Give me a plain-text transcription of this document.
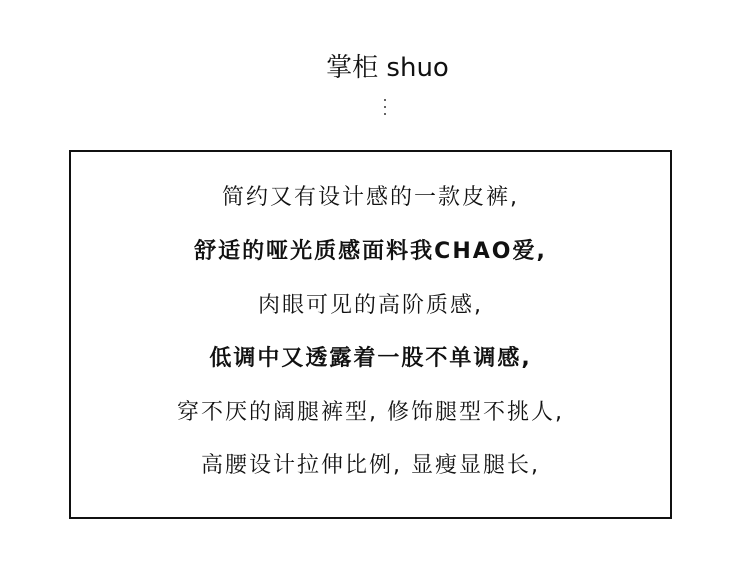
掌柜 shuo
简约又有设计感的一款皮裤,
舒适的哑光质感面料我CHAO爱,
肉眼可见的高阶质感,
低调中又透露着一股不单调感,
穿不厌的阔腿裤型, 修饰腿型不挑人,
高腰设计拉伸比例, 显瘦显腿长,
